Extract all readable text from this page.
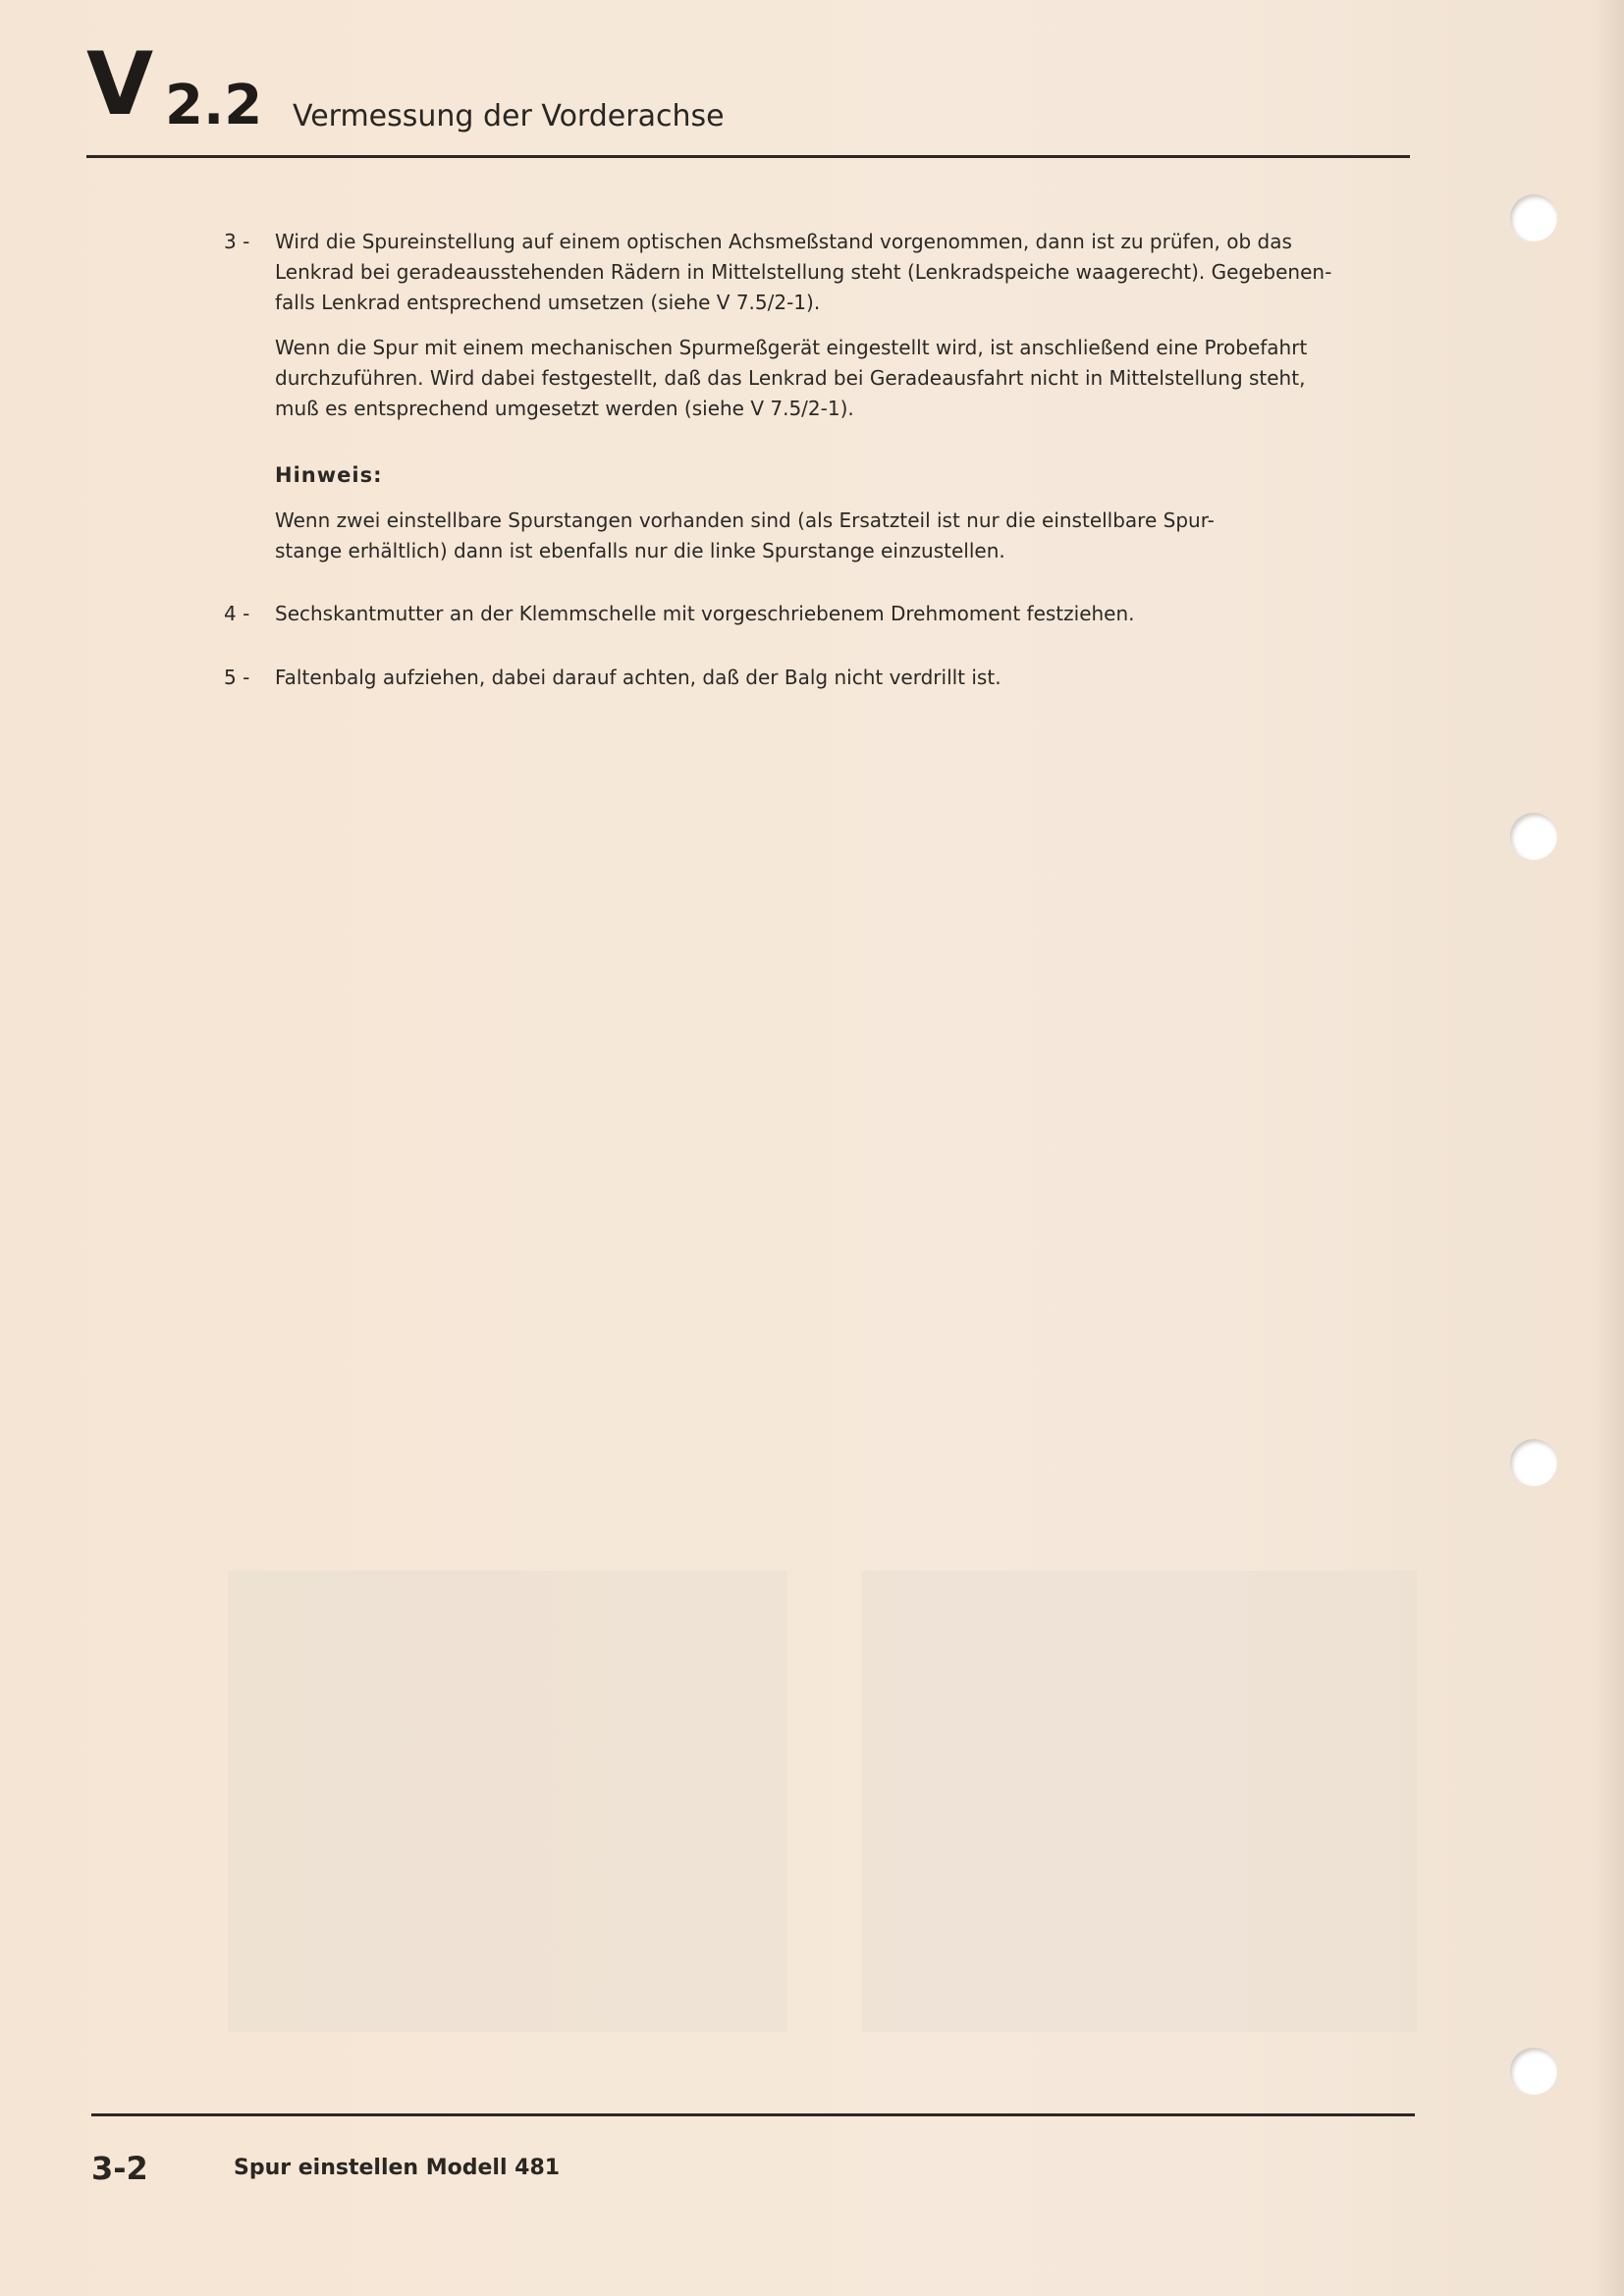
V 2.2 Vermessung der Vorderachse
3 - Wird die Spureinstellung auf einem optischen Achsmeßstand vorgenommen, dann ist zu prüfen, ob das
Lenkrad bei geradeausstehenden Rädern in Mittelstellung steht (Lenkradspeiche waagerecht). Gegebenen-
falls Lenkrad entsprechend umsetzen (siehe V 7.5/2-1).
Wenn die Spur mit einem mechanischen Spurmeßgerät eingestellt wird, ist anschließend eine Probefahrt
durchzuführen. Wird dabei festgestellt, daß das Lenkrad bei Geradeausfahrt nicht in Mittelstellung steht,
muß es entsprechend umgesetzt werden (siehe V 7.5/2-1).
Hinweis:
Wenn zwei einstellbare Spurstangen vorhanden sind (als Ersatzteil ist nur die einstellbare Spur-
stange erhältlich) dann ist ebenfalls nur die linke Spurstange einzustellen.
4 - Sechskantmutter an der Klemmschelle mit vorgeschriebenem Drehmoment festziehen.
5 - Faltenbalg aufziehen, dabei darauf achten, daß der Balg nicht verdrillt ist.
3-2	Spur einstellen Modell 481
